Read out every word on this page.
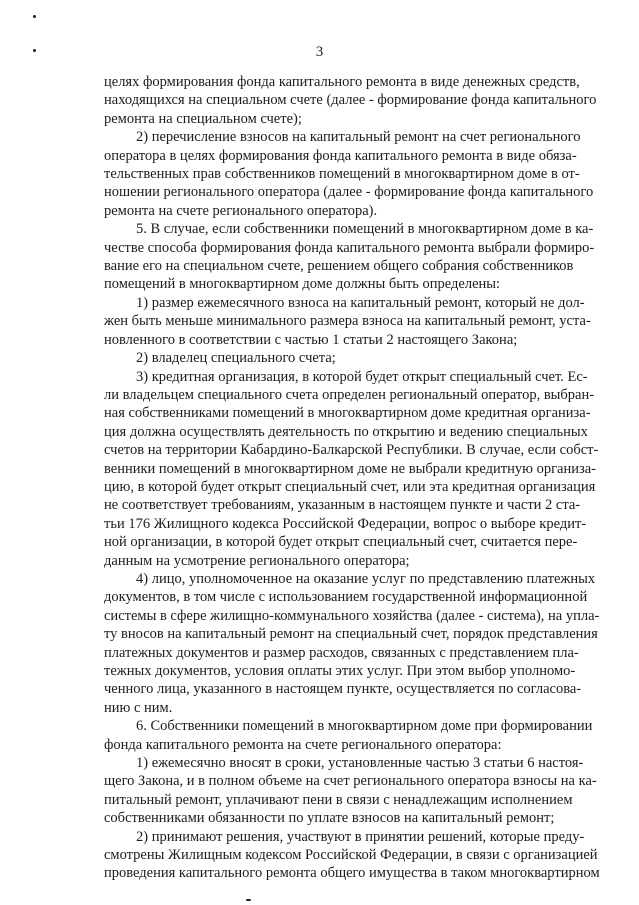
3
целях формирования фонда капитального ремонта в виде денежных средств,
находящихся на специальном счете (далее - формирование фонда капитального
ремонта на специальном счете);
2) перечисление взносов на капитальный ремонт на счет регионального
оператора в целях формирования фонда капитального ремонта в виде обяза-
тельственных прав собственников помещений в многоквартирном доме в от-
ношении регионального оператора (далее - формирование фонда капитального
ремонта на счете регионального оператора).
5. В случае, если собственники помещений в многоквартирном доме в ка-
честве способа формирования фонда капитального ремонта выбрали формиро-
вание его на специальном счете, решением общего собрания собственников
помещений в многоквартирном доме должны быть определены:
1) размер ежемесячного взноса на капитальный ремонт, который не дол-
жен быть меньше минимального размера взноса на капитальный ремонт, уста-
новленного в соответствии с частью 1 статьи 2 настоящего Закона;
2) владелец специального счета;
3) кредитная организация, в которой будет открыт специальный счет. Ес-
ли владельцем специального счета определен региональный оператор, выбран-
ная собственниками помещений в многоквартирном доме кредитная организа-
ция должна осуществлять деятельность по открытию и ведению специальных
счетов на территории Кабардино-Балкарской Республики. В случае, если собст-
венники помещений в многоквартирном доме не выбрали кредитную организа-
цию, в которой будет открыт специальный счет, или эта кредитная организация
не соответствует требованиям, указанным в настоящем пункте и части 2 ста-
тьи 176 Жилищного кодекса Российской Федерации, вопрос о выборе кредит-
ной организации, в которой будет открыт специальный счет, считается пере-
данным на усмотрение регионального оператора;
4) лицо, уполномоченное на оказание услуг по представлению платежных
документов, в том числе с использованием государственной информационной
системы в сфере жилищно-коммунального хозяйства (далее - система), на упла-
ту вносов на капитальный ремонт на специальный счет, порядок представления
платежных документов и размер расходов, связанных с представлением пла-
тежных документов, условия оплаты этих услуг. При этом выбор уполномо-
ченного лица, указанного в настоящем пункте, осуществляется по согласова-
нию с ним.
6. Собственники помещений в многоквартирном доме при формировании
фонда капитального ремонта на счете регионального оператора:
1) ежемесячно вносят в сроки, установленные частью 3 статьи 6 настоя-
щего Закона, и в полном объеме на счет регионального оператора взносы на ка-
питальный ремонт, уплачивают пени в связи с ненадлежащим исполнением
собственниками обязанности по уплате взносов на капитальный ремонт;
2) принимают решения, участвуют в принятии решений, которые преду-
смотрены Жилищным кодексом Российской Федерации, в связи с организацией
проведения капитального ремонта общего имущества в таком многоквартирном
